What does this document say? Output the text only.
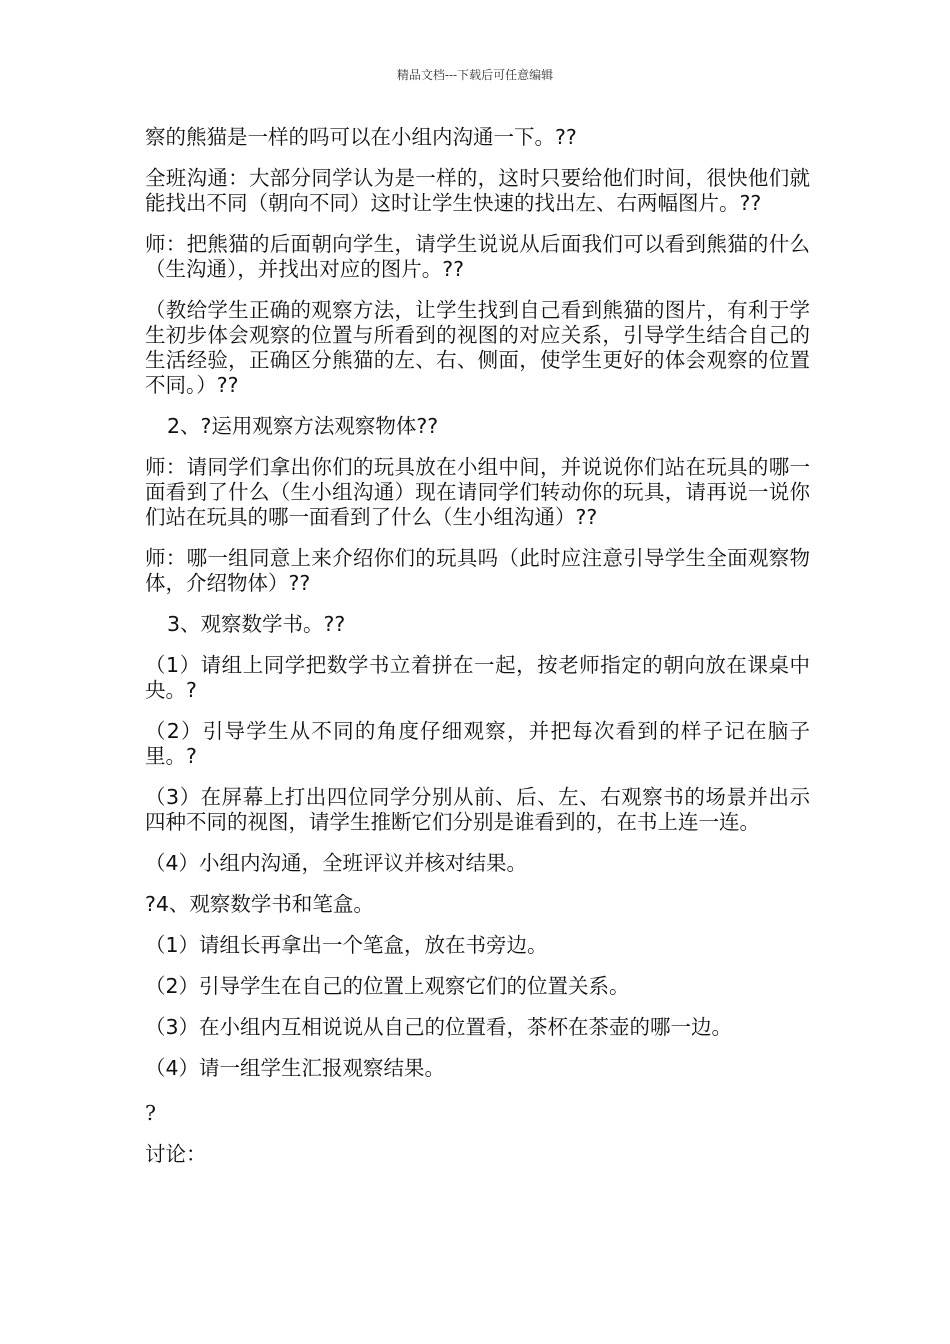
精品文档---下载后可任意编辑

察的熊猫是一样的吗可以在小组内沟通一下。??

全班沟通：大部分同学认为是一样的，这时只要给他们时间，很快他们就能找出不同（朝向不同）这时让学生快速的找出左、右两幅图片。??

师：把熊猫的后面朝向学生，请学生说说从后面我们可以看到熊猫的什么（生沟通），并找出对应的图片。??

（教给学生正确的观察方法，让学生找到自己看到熊猫的图片，有利于学生初步体会观察的位置与所看到的视图的对应关系，引导学生结合自己的生活经验，正确区分熊猫的左、右、侧面，使学生更好的体会观察的位置不同。）??

2、?运用观察方法观察物体??

师：请同学们拿出你们的玩具放在小组中间，并说说你们站在玩具的哪一面看到了什么（生小组沟通）现在请同学们转动你的玩具，请再说一说你们站在玩具的哪一面看到了什么（生小组沟通）??

师：哪一组同意上来介绍你们的玩具吗（此时应注意引导学生全面观察物体，介绍物体）??

3、观察数学书。??

（1）请组上同学把数学书立着拼在一起，按老师指定的朝向放在课桌中央。?

（2）引导学生从不同的角度仔细观察，并把每次看到的样子记在脑子里。?

（3）在屏幕上打出四位同学分别从前、后、左、右观察书的场景并出示四种不同的视图，请学生推断它们分别是谁看到的，在书上连一连。

（4）小组内沟通，全班评议并核对结果。

?4、观察数学书和笔盒。

（1）请组长再拿出一个笔盒，放在书旁边。

（2）引导学生在自己的位置上观察它们的位置关系。

（3）在小组内互相说说从自己的位置看，茶杯在茶壶的哪一边。

（4）请一组学生汇报观察结果。

?

讨论：
